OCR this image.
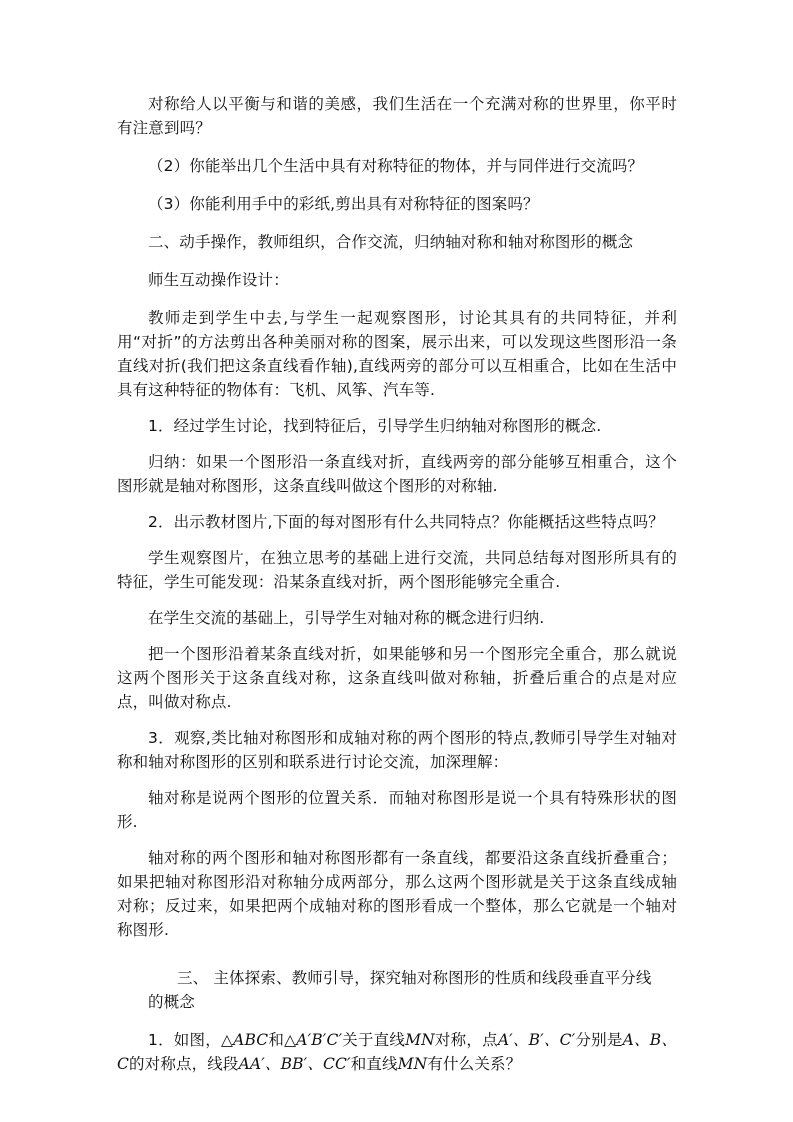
对称给人以平衡与和谐的美感，我们生活在一个充满对称的世界里，你平时有注意到吗？

（2）你能举出几个生活中具有对称特征的物体，并与同伴进行交流吗？

（3）你能利用手中的彩纸,剪出具有对称特征的图案吗？

二、动手操作，教师组织，合作交流，归纳轴对称和轴对称图形的概念

师生互动操作设计：

教师走到学生中去,与学生一起观察图形，讨论其具有的共同特征，并利用“对折”的方法剪出各种美丽对称的图案，展示出来，可以发现这些图形沿一条直线对折(我们把这条直线看作轴),直线两旁的部分可以互相重合，比如在生活中具有这种特征的物体有：飞机、风筝、汽车等.

1．经过学生讨论，找到特征后，引导学生归纳轴对称图形的概念.

归纳：如果一个图形沿一条直线对折，直线两旁的部分能够互相重合，这个图形就是轴对称图形，这条直线叫做这个图形的对称轴.

2．出示教材图片,下面的每对图形有什么共同特点？你能概括这些特点吗？

学生观察图片，在独立思考的基础上进行交流，共同总结每对图形所具有的特征，学生可能发现：沿某条直线对折，两个图形能够完全重合.

在学生交流的基础上，引导学生对轴对称的概念进行归纳.

把一个图形沿着某条直线对折，如果能够和另一个图形完全重合，那么就说这两个图形关于这条直线对称，这条直线叫做对称轴，折叠后重合的点是对应点，叫做对称点.

3．观察,类比轴对称图形和成轴对称的两个图形的特点,教师引导学生对轴对称和轴对称图形的区别和联系进行讨论交流，加深理解：

轴对称是说两个图形的位置关系．而轴对称图形是说一个具有特殊形状的图形.

轴对称的两个图形和轴对称图形都有一条直线，都要沿这条直线折叠重合；如果把轴对称图形沿对称轴分成两部分，那么这两个图形就是关于这条直线成轴对称；反过来，如果把两个成轴对称的图形看成一个整体，那么它就是一个轴对称图形.

三、 主体探索、教师引导，探究轴对称图形的性质和线段垂直平分线
的概念

1．如图，△ABC和△A′B′C′关于直线MN对称，点A′、B′、C′分别是A、B、C的对称点，线段AA′、BB′、CC′和直线MN有什么关系？
